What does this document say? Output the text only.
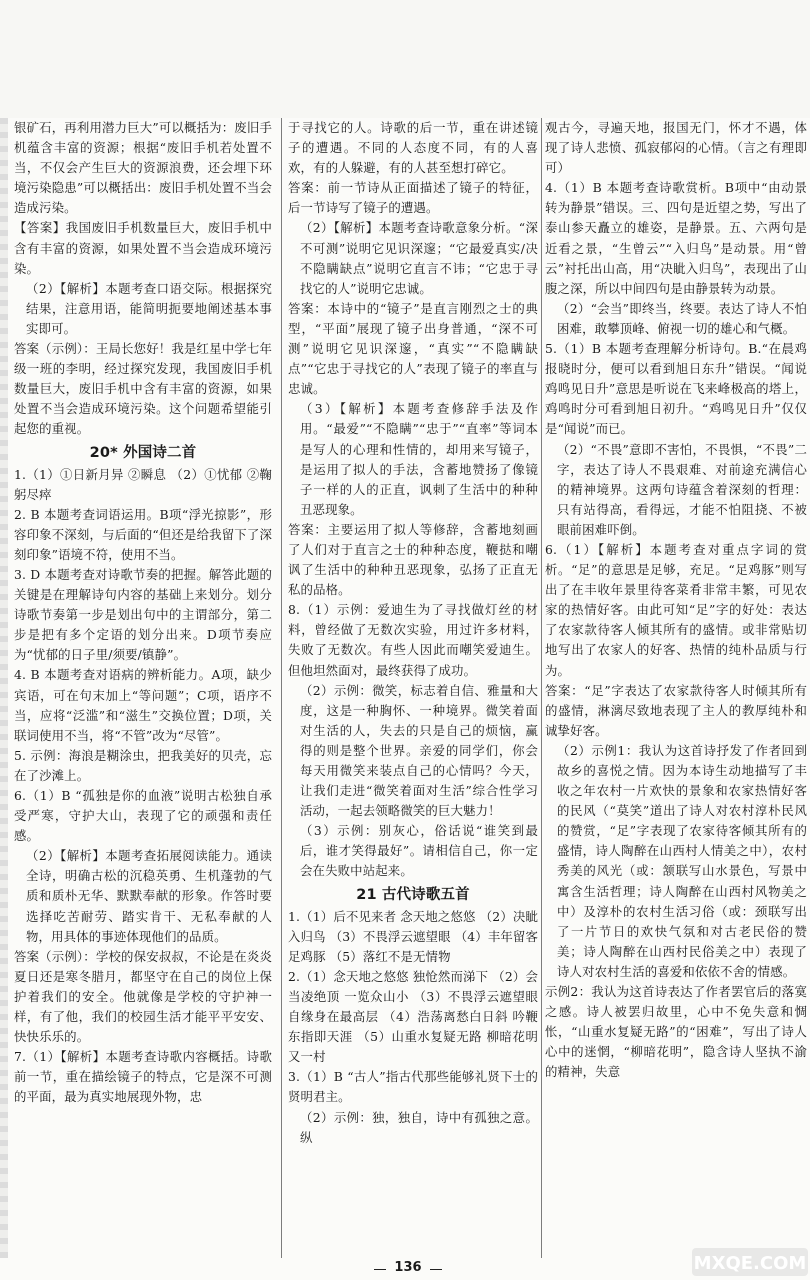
银矿石，再利用潜力巨大”可以概括为：废旧手机蕴含丰富的资源；根据“废旧手机若处置不当，不仅会产生巨大的资源浪费，还会埋下环境污染隐患”可以概括出：废旧手机处置不当会造成污染。

【答案】我国废旧手机数量巨大，废旧手机中含有丰富的资源，如果处置不当会造成环境污染。

（2）【解析】本题考查口语交际。根据探究结果，注意用语，能简明扼要地阐述基本事实即可。

答案（示例）：王局长您好！我是红星中学七年级一班的李明，经过探究发现，我国废旧手机数量巨大，废旧手机中含有丰富的资源，如果处置不当会造成环境污染。这个问题希望能引起您的重视。

20* 外国诗二首

1.（1）①日新月异 ②瞬息 （2）①忧郁 ②鞠躬尽瘁

2. B 本题考查词语运用。B项“浮光掠影”，形容印象不深刻，与后面的“但还是给我留下了深刻印象”语境不符，使用不当。

3. D 本题考查对诗歌节奏的把握。解答此题的关键是在理解诗句内容的基础上来划分。划分诗歌节奏第一步是划出句中的主谓部分，第二步是把有多个定语的划分出来。D项节奏应为“忧郁的日子里/须要/镇静”。

4. B 本题考查对语病的辨析能力。A项，缺少宾语，可在句末加上“等问题”；C项，语序不当，应将“泛滥”和“滋生”交换位置；D项，关联词使用不当，将“不管”改为“尽管”。

5. 示例：海浪是糊涂虫，把我美好的贝壳，忘在了沙滩上。

6.（1）B “孤独是你的血液”说明古松独自承受严寒，守护大山，表现了它的顽强和责任感。

（2）【解析】本题考查拓展阅读能力。通读全诗，明确古松的沉稳英勇、生机蓬勃的气质和质朴无华、默默奉献的形象。作答时要选择吃苦耐劳、踏实肯干、无私奉献的人物，用具体的事迹体现他们的品质。

答案（示例）：学校的保安叔叔，不论是在炎炎夏日还是寒冬腊月，都坚守在自己的岗位上保护着我们的安全。他就像是学校的守护神一样，有了他，我们的校园生活才能平平安安、快快乐乐的。

7.（1）【解析】本题考查诗歌内容概括。诗歌前一节，重在描绘镜子的特点，它是深不可测的平面，最为真实地展现外物，忠

于寻找它的人。诗歌的后一节，重在讲述镜子的遭遇。不同的人态度不同，有的人喜欢，有的人躲避，有的人甚至想打碎它。

答案：前一节诗从正面描述了镜子的特征，后一节诗写了镜子的遭遇。

（2）【解析】本题考查诗歌意象分析。“深不可测”说明它见识深邃；“它最爱真实/决不隐瞒缺点”说明它直言不讳；“它忠于寻找它的人”说明它忠诚。

答案：本诗中的“镜子”是直言刚烈之士的典型，“平面”展现了镜子出身普通，“深不可测”说明它见识深邃，“真实”“不隐瞒缺点”“它忠于寻找它的人”表现了镜子的率直与忠诚。

（3）【解析】本题考查修辞手法及作用。“最爱”“不隐瞒”“忠于”“直率”等词本是写人的心理和性情的，却用来写镜子，是运用了拟人的手法，含蓄地赞扬了像镜子一样的人的正直，讽刺了生活中的种种丑恶现象。

答案：主要运用了拟人等修辞，含蓄地刻画了人们对于直言之士的种种态度，鞭挞和嘲讽了生活中的种种丑恶现象，弘扬了正直无私的品格。

8.（1）示例：爱迪生为了寻找做灯丝的材料，曾经做了无数次实验，用过许多材料，失败了无数次。有些人因此而嘲笑爱迪生。但他坦然面对，最终获得了成功。

（2）示例：微笑，标志着自信、雅量和大度，这是一种胸怀、一种境界。微笑着面对生活的人，失去的只是自己的烦恼，赢得的则是整个世界。亲爱的同学们，你会每天用微笑来装点自己的心情吗？今天，让我们走进“微笑着面对生活”综合性学习活动，一起去领略微笑的巨大魅力！

（3）示例：别灰心，俗话说“谁笑到最后，谁才笑得最好”。请相信自己，你一定会在失败中站起来。

21 古代诗歌五首

1.（1）后不见来者 念天地之悠悠 （2）决眦入归鸟 （3）不畏浮云遮望眼 （4）丰年留客足鸡豚 （5）落红不是无情物

2.（1）念天地之悠悠 独怆然而涕下 （2）会当凌绝顶 一览众山小 （3）不畏浮云遮望眼 自缘身在最高层 （4）浩荡离愁白日斜 吟鞭东指即天涯 （5）山重水复疑无路 柳暗花明又一村

3.（1）B “古人”指古代那些能够礼贤下士的贤明君主。

（2）示例：独，独自，诗中有孤独之意。纵

观古今，寻遍天地，报国无门，怀才不遇，体现了诗人悲愤、孤寂郁闷的心情。（言之有理即可）

4.（1）B 本题考查诗歌赏析。B项中“由动景转为静景”错误。三、四句是近望之势，写出了泰山参天矗立的雄姿，是静景。五、六两句是近看之景，“生曾云”“入归鸟”是动景。用“曾云”衬托出山高，用“决眦入归鸟”，表现出了山腹之深，所以中间四句是由静景转为动景。

（2）“会当”即终当，终要。表达了诗人不怕困难，敢攀顶峰、俯视一切的雄心和气概。

5.（1）B 本题考查理解分析诗句。B.“在晨鸡报晓时分，便可以看到旭日东升”错误。“闻说鸡鸣见日升”意思是听说在飞来峰极高的塔上，鸡鸣时分可看到旭日初升。“鸡鸣见日升”仅仅是“闻说”而已。

（2）“不畏”意即不害怕，不畏惧，“不畏”二字，表达了诗人不畏艰难、对前途充满信心的精神境界。这两句诗蕴含着深刻的哲理：只有站得高，看得远，才能不怕阻挠、不被眼前困难吓倒。

6.（1）【解析】本题考查对重点字词的赏析。“足”的意思是足够，充足。“足鸡豚”则写出了在丰收年景里待客菜肴非常丰繁，可见农家的热情好客。由此可知“足”字的好处：表达了农家款待客人倾其所有的盛情。或非常贴切地写出了农家人的好客、热情的纯朴品质与行为。

答案：“足”字表达了农家款待客人时倾其所有的盛情，淋漓尽致地表现了主人的教厚纯朴和诚挚好客。

（2）示例1：我认为这首诗抒发了作者回到故乡的喜悦之情。因为本诗生动地描写了丰收之年农村一片欢快的景象和农家热情好客的民风（“莫笑”道出了诗人对农村淳朴民风的赞赏，“足”字表现了农家待客倾其所有的盛情，诗人陶醉在山西村人情美之中），农村秀美的风光（或：颔联写山水景色，写景中寓含生活哲理；诗人陶醉在山西村风物美之中）及淳朴的农村生活习俗（或：颈联写出了一片节日的欢快气氛和对古老民俗的赞美；诗人陶醉在山西村民俗美之中）表现了诗人对农村生活的喜爱和依依不舍的情感。

示例2：我认为这首诗表达了作者罢官后的落寞之感。诗人被罢归故里，心中不免失意和惆怅，“山重水复疑无路”的“困难”，写出了诗人心中的迷惘，“柳暗花明”，隐含诗人坚执不渝的精神，失意

136	MXQE.COM
